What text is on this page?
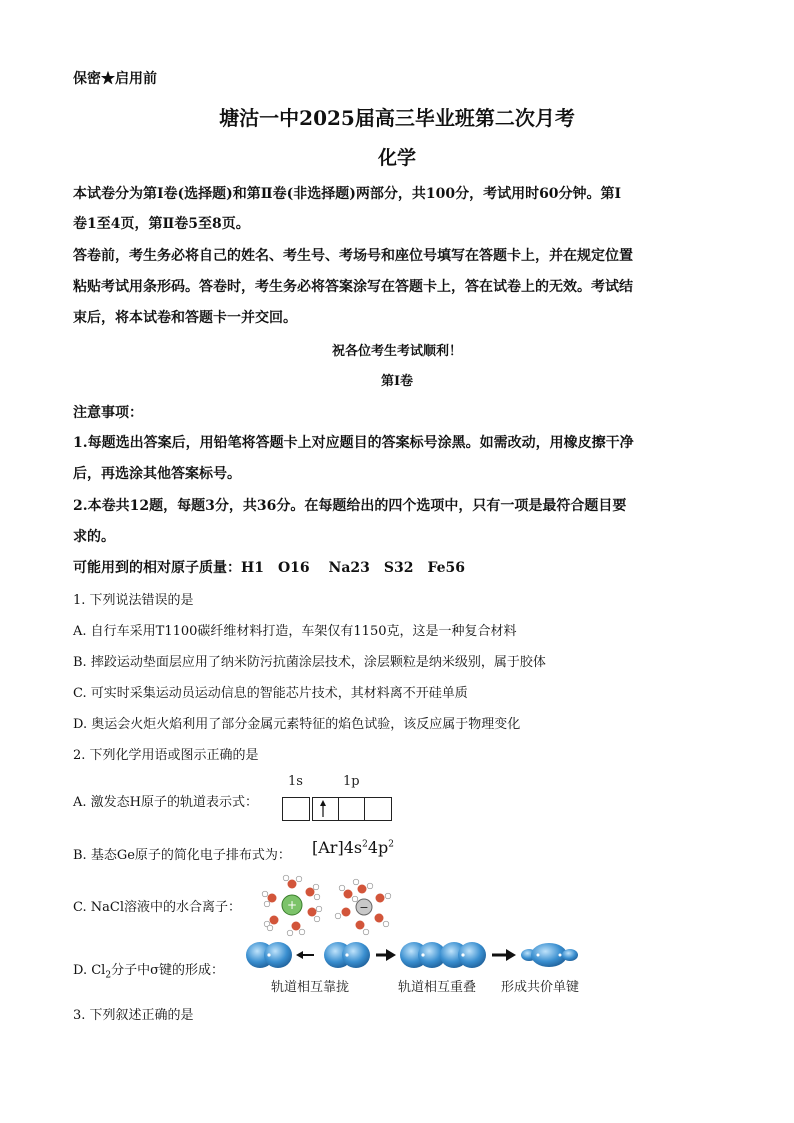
保密★启用前
塘沽一中2025届高三毕业班第二次月考
化学
本试卷分为第Ⅰ卷(选择题)和第Ⅱ卷(非选择题)两部分，共100分，考试用时60分钟。第Ⅰ
卷1至4页，第Ⅱ卷5至8页。
答卷前，考生务必将自己的姓名、考生号、考场号和座位号填写在答题卡上，并在规定位置
粘贴考试用条形码。答卷时，考生务必将答案涂写在答题卡上，答在试卷上的无效。考试结
束后，将本试卷和答题卡一并交回。
祝各位考生考试顺利！
第Ⅰ卷
注意事项：
1.每题选出答案后，用铅笔将答题卡上对应题目的答案标号涂黑。如需改动，用橡皮擦干净
后，再选涂其他答案标号。
2.本卷共12题，每题3分，共36分。在每题给出的四个选项中，只有一项是最符合题目要
求的。
可能用到的相对原子质量：H1　O16　 Na23　S32　Fe56
1. 下列说法错误的是
A. 自行车采用T1100碳纤维材料打造，车架仅有1150克，这是一种复合材料
B. 摔跤运动垫面层应用了纳米防污抗菌涂层技术，涂层颗粒是纳米级别，属于胶体
C. 可实时采集运动员运动信息的智能芯片技术，其材料离不开硅单质
D. 奥运会火炬火焰利用了部分金属元素特征的焰色试验，该反应属于物理变化
2. 下列化学用语或图示正确的是
A. 激发态H原子的轨道表示式：
1s	1p
B. 基态Ge原子的简化电子排布式为： $[Ar]4s^24p^2$
C. NaCl溶液中的水合离子：	+	−
D. $Cl_2$分子中σ键的形成：
轨道相互靠拢	轨道相互重叠 形成共价单键
3. 下列叙述正确的是
